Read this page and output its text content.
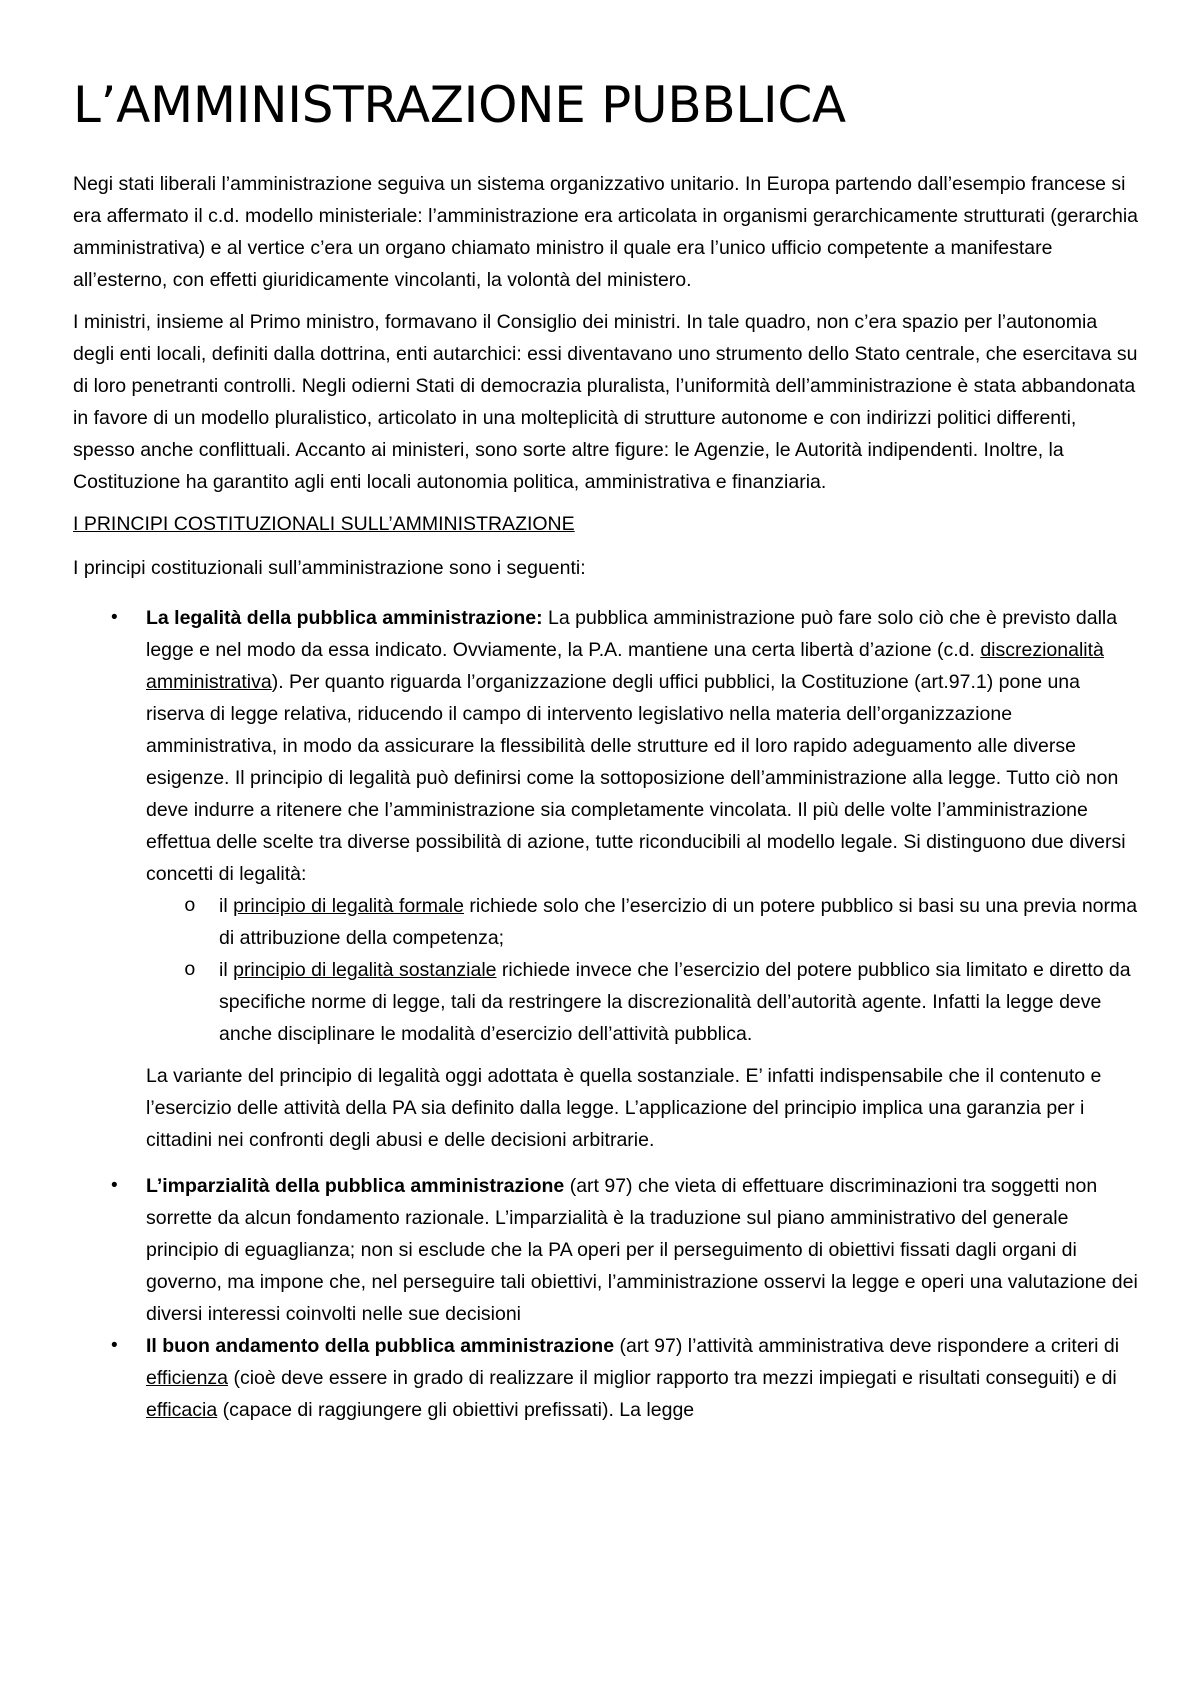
L’AMMINISTRAZIONE PUBBLICA

Negi stati liberali l’amministrazione seguiva un sistema organizzativo unitario. In Europa partendo dall’esempio francese si era affermato il c.d. modello ministeriale: l’amministrazione era articolata in organismi gerarchicamente strutturati (gerarchia amministrativa) e al vertice c’era un organo chiamato ministro il quale era l’unico ufficio competente a manifestare all’esterno, con effetti giuridicamente vincolanti, la volontà del ministero.

I ministri, insieme al Primo ministro, formavano il Consiglio dei ministri. In tale quadro, non c’era spazio per l’autonomia degli enti locali, definiti dalla dottrina, enti autarchici: essi diventavano uno strumento dello Stato centrale, che esercitava su di loro penetranti controlli. Negli odierni Stati di democrazia pluralista, l’uniformità dell’amministrazione è stata abbandonata in favore di un modello pluralistico, articolato in una molteplicità di strutture autonome e con indirizzi politici differenti, spesso anche conflittuali. Accanto ai ministeri, sono sorte altre figure: le Agenzie, le Autorità indipendenti. Inoltre, la Costituzione ha garantito agli enti locali autonomia politica, amministrativa e finanziaria.

I PRINCIPI COSTITUZIONALI SULL’AMMINISTRAZIONE

I principi costituzionali sull’amministrazione sono i seguenti:

• La legalità della pubblica amministrazione: La pubblica amministrazione può fare solo ciò che è previsto dalla legge e nel modo da essa indicato. Ovviamente, la P.A. mantiene una certa libertà d’azione (c.d. discrezionalità amministrativa). Per quanto riguarda l’organizzazione degli uffici pubblici, la Costituzione (art.97.1) pone una riserva di legge relativa, riducendo il campo di intervento legislativo nella materia dell’organizzazione amministrativa, in modo da assicurare la flessibilità delle strutture ed il loro rapido adeguamento alle diverse esigenze. Il principio di legalità può definirsi come la sottoposizione dell’amministrazione alla legge. Tutto ciò non deve indurre a ritenere che l’amministrazione sia completamente vincolata. Il più delle volte l’amministrazione effettua delle scelte tra diverse possibilità di azione, tutte riconducibili al modello legale. Si distinguono due diversi concetti di legalità:
o il principio di legalità formale richiede solo che l’esercizio di un potere pubblico si basi su una previa norma di attribuzione della competenza;
o il principio di legalità sostanziale richiede invece che l’esercizio del potere pubblico sia limitato e diretto da specifiche norme di legge, tali da restringere la discrezionalità dell’autorità agente. Infatti la legge deve anche disciplinare le modalità d’esercizio dell’attività pubblica.

La variante del principio di legalità oggi adottata è quella sostanziale. E’ infatti indispensabile che il contenuto e l’esercizio delle attività della PA sia definito dalla legge. L’applicazione del principio implica una garanzia per i cittadini nei confronti degli abusi e delle decisioni arbitrarie.

• L’imparzialità della pubblica amministrazione (art 97) che vieta di effettuare discriminazioni tra soggetti non sorrette da alcun fondamento razionale. L’imparzialità è la traduzione sul piano amministrativo del generale principio di eguaglianza; non si esclude che la PA operi per il perseguimento di obiettivi fissati dagli organi di governo, ma impone che, nel perseguire tali obiettivi, l’amministrazione osservi la legge e operi una valutazione dei diversi interessi coinvolti nelle sue decisioni
• Il buon andamento della pubblica amministrazione (art 97) l’attività amministrativa deve rispondere a criteri di efficienza (cioè deve essere in grado di realizzare il miglior rapporto tra mezzi impiegati e risultati conseguiti) e di efficacia (capace di raggiungere gli obiettivi prefissati). La legge
